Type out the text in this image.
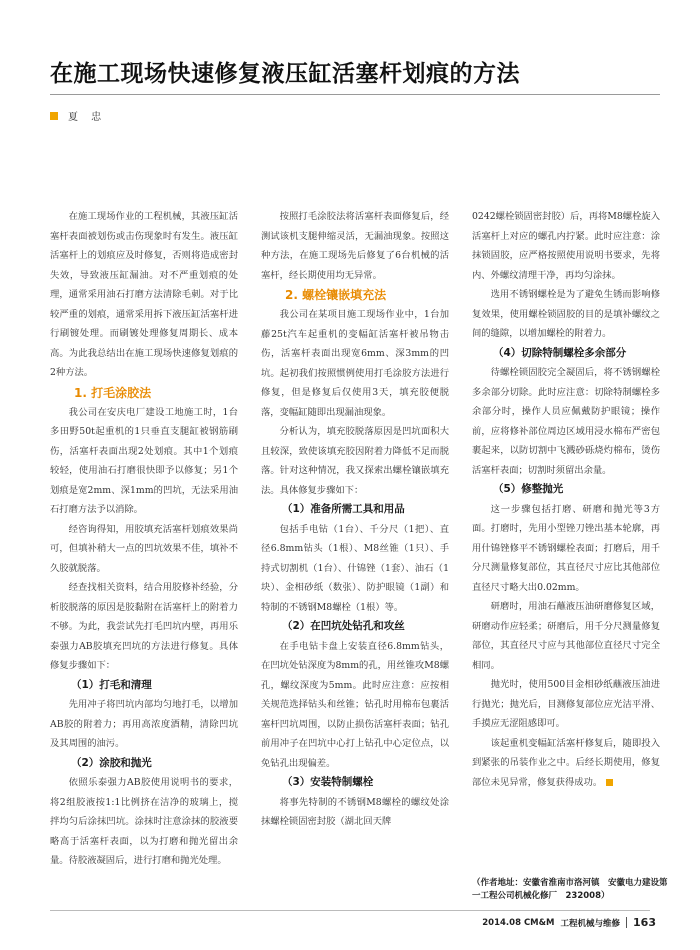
在施工现场快速修复液压缸活塞杆划痕的方法
夏 忠

在施工现场作业的工程机械，其液压缸活塞杆表面被划伤或击伤现象时有发生。液压缸活塞杆上的划痕应及时修复，否则将造成密封失效，导致液压缸漏油。对不严重划痕的处理，通常采用油石打磨方法清除毛刺。对于比较严重的划痕，通常采用拆下液压缸活塞杆进行刷镀处理。而刷镀处理修复周期长、成本高。为此我总结出在施工现场快速修复划痕的2种方法。

1. 打毛涂胶法

我公司在安庆电厂建设工地施工时，1台多田野50t起重机的1只垂直支腿缸被钢筋刷伤，活塞杆表面出现2处划痕。其中1个划痕较轻，使用油石打磨很快即予以修复；另1个划痕是宽2mm、深1mm的凹坑，无法采用油石打磨方法予以消除。

经咨询得知，用胶填充活塞杆划痕效果尚可，但填补稍大一点的凹坑效果不佳，填补不久胶就脱落。

经查找相关资料，结合用胶修补经验，分析胶脱落的原因是胶黏附在活塞杆上的附着力不够。为此，我尝试先打毛凹坑内壁，再用乐泰强力AB胶填充凹坑的方法进行修复。具体修复步骤如下：

（1）打毛和清理

先用冲子将凹坑内部均匀地打毛，以增加AB胶的附着力；再用高浓度酒精，清除凹坑及其周围的油污。

（2）涂胶和抛光

依照乐泰强力AB胶使用说明书的要求，将2组胶液按1:1比例挤在洁净的玻璃上，搅拌均匀后涂抹凹坑。涂抹时注意涂抹的胶液要略高于活塞杆表面，以为打磨和抛光留出余量。待胶液凝固后，进行打磨和抛光处理。

按照打毛涂胶法将活塞杆表面修复后，经测试该机支腿伸缩灵活，无漏油现象。按照这种方法，在施工现场先后修复了6台机械的活塞杆，经长期使用均无异常。

2. 螺栓镶嵌填充法

我公司在某项目施工现场作业中，1台加藤25t汽车起重机的变幅缸活塞杆被吊物击伤，活塞杆表面出现宽6mm、深3mm的凹坑。起初我们按照惯例使用打毛涂胶方法进行修复，但是修复后仅使用3天，填充胶便脱落，变幅缸随即出现漏油现象。

分析认为，填充胶脱落原因是凹坑面积大且较深，致使该填充胶因附着力降低不足而脱落。针对这种情况，我又探索出螺栓镶嵌填充法。具体修复步骤如下：

（1）准备所需工具和用品

包括手电钻（1台）、千分尺（1把）、直径6.8mm钻头（1根）、M8丝锥（1只）、手持式切割机（1台）、什锦锉（1套）、油石（1块）、金相砂纸（数张）、防护眼镜（1副）和特制的不锈钢M8螺栓（1根）等。

（2）在凹坑处钻孔和攻丝

在手电钻卡盘上安装直径6.8mm钻头，在凹坑处钻深度为8mm的孔，用丝锥攻M8螺孔，螺纹深度为5mm。此时应注意：应按相关规范选择钻头和丝锥；钻孔时用棉布包裹活塞杆凹坑周围，以防止损伤活塞杆表面；钻孔前用冲子在凹坑中心打上钻孔中心定位点，以免钻孔出现偏差。

（3）安装特制螺栓

将事先特制的不锈钢M8螺栓的螺纹处涂抹螺栓锁固密封胶（湖北回天牌

0242螺栓锁固密封胶）后，再将M8螺栓旋入活塞杆上对应的螺孔内拧紧。此时应注意：涂抹锁固胶，应严格按照使用说明书要求，先将内、外螺纹清理干净，再均匀涂抹。

选用不锈钢螺栓是为了避免生锈而影响修复效果，使用螺栓锁固胶的目的是填补螺纹之间的缝隙，以增加螺栓的附着力。

（4）切除特制螺栓多余部分

待螺栓锁固胶完全凝固后，将不锈钢螺栓多余部分切除。此时应注意：切除特制螺栓多余部分时，操作人员应佩戴防护眼镜；操作前，应将修补部位周边区域用浸水棉布严密包裹起来，以防切割中飞溅砂砾烧灼棉布，烫伤活塞杆表面；切割时须留出余量。

（5）修整抛光

这一步骤包括打磨、研磨和抛光等3方面。打磨时，先用小型锉刀锉出基本轮廓，再用什锦锉修平不锈钢螺栓表面；打磨后，用千分尺测量修复部位，其直径尺寸应比其他部位直径尺寸略大出0.02mm。

研磨时，用油石蘸液压油研磨修复区域，研磨动作应轻柔；研磨后，用千分尺测量修复部位，其直径尺寸应与其他部位直径尺寸完全相同。

抛光时，使用500目金相砂纸蘸液压油进行抛光；抛光后，目测修复部位应光洁平滑、手摸应无涩阻感即可。

该起重机变幅缸活塞杆修复后，随即投入到紧张的吊装作业之中。后经长期使用，修复部位未见异常，修复获得成功。

（作者地址：安徽省淮南市洛河镇　安徽电力建设第一工程公司机械化修厂　232008）
2014.08 CM&M 工程机械与维修 163
